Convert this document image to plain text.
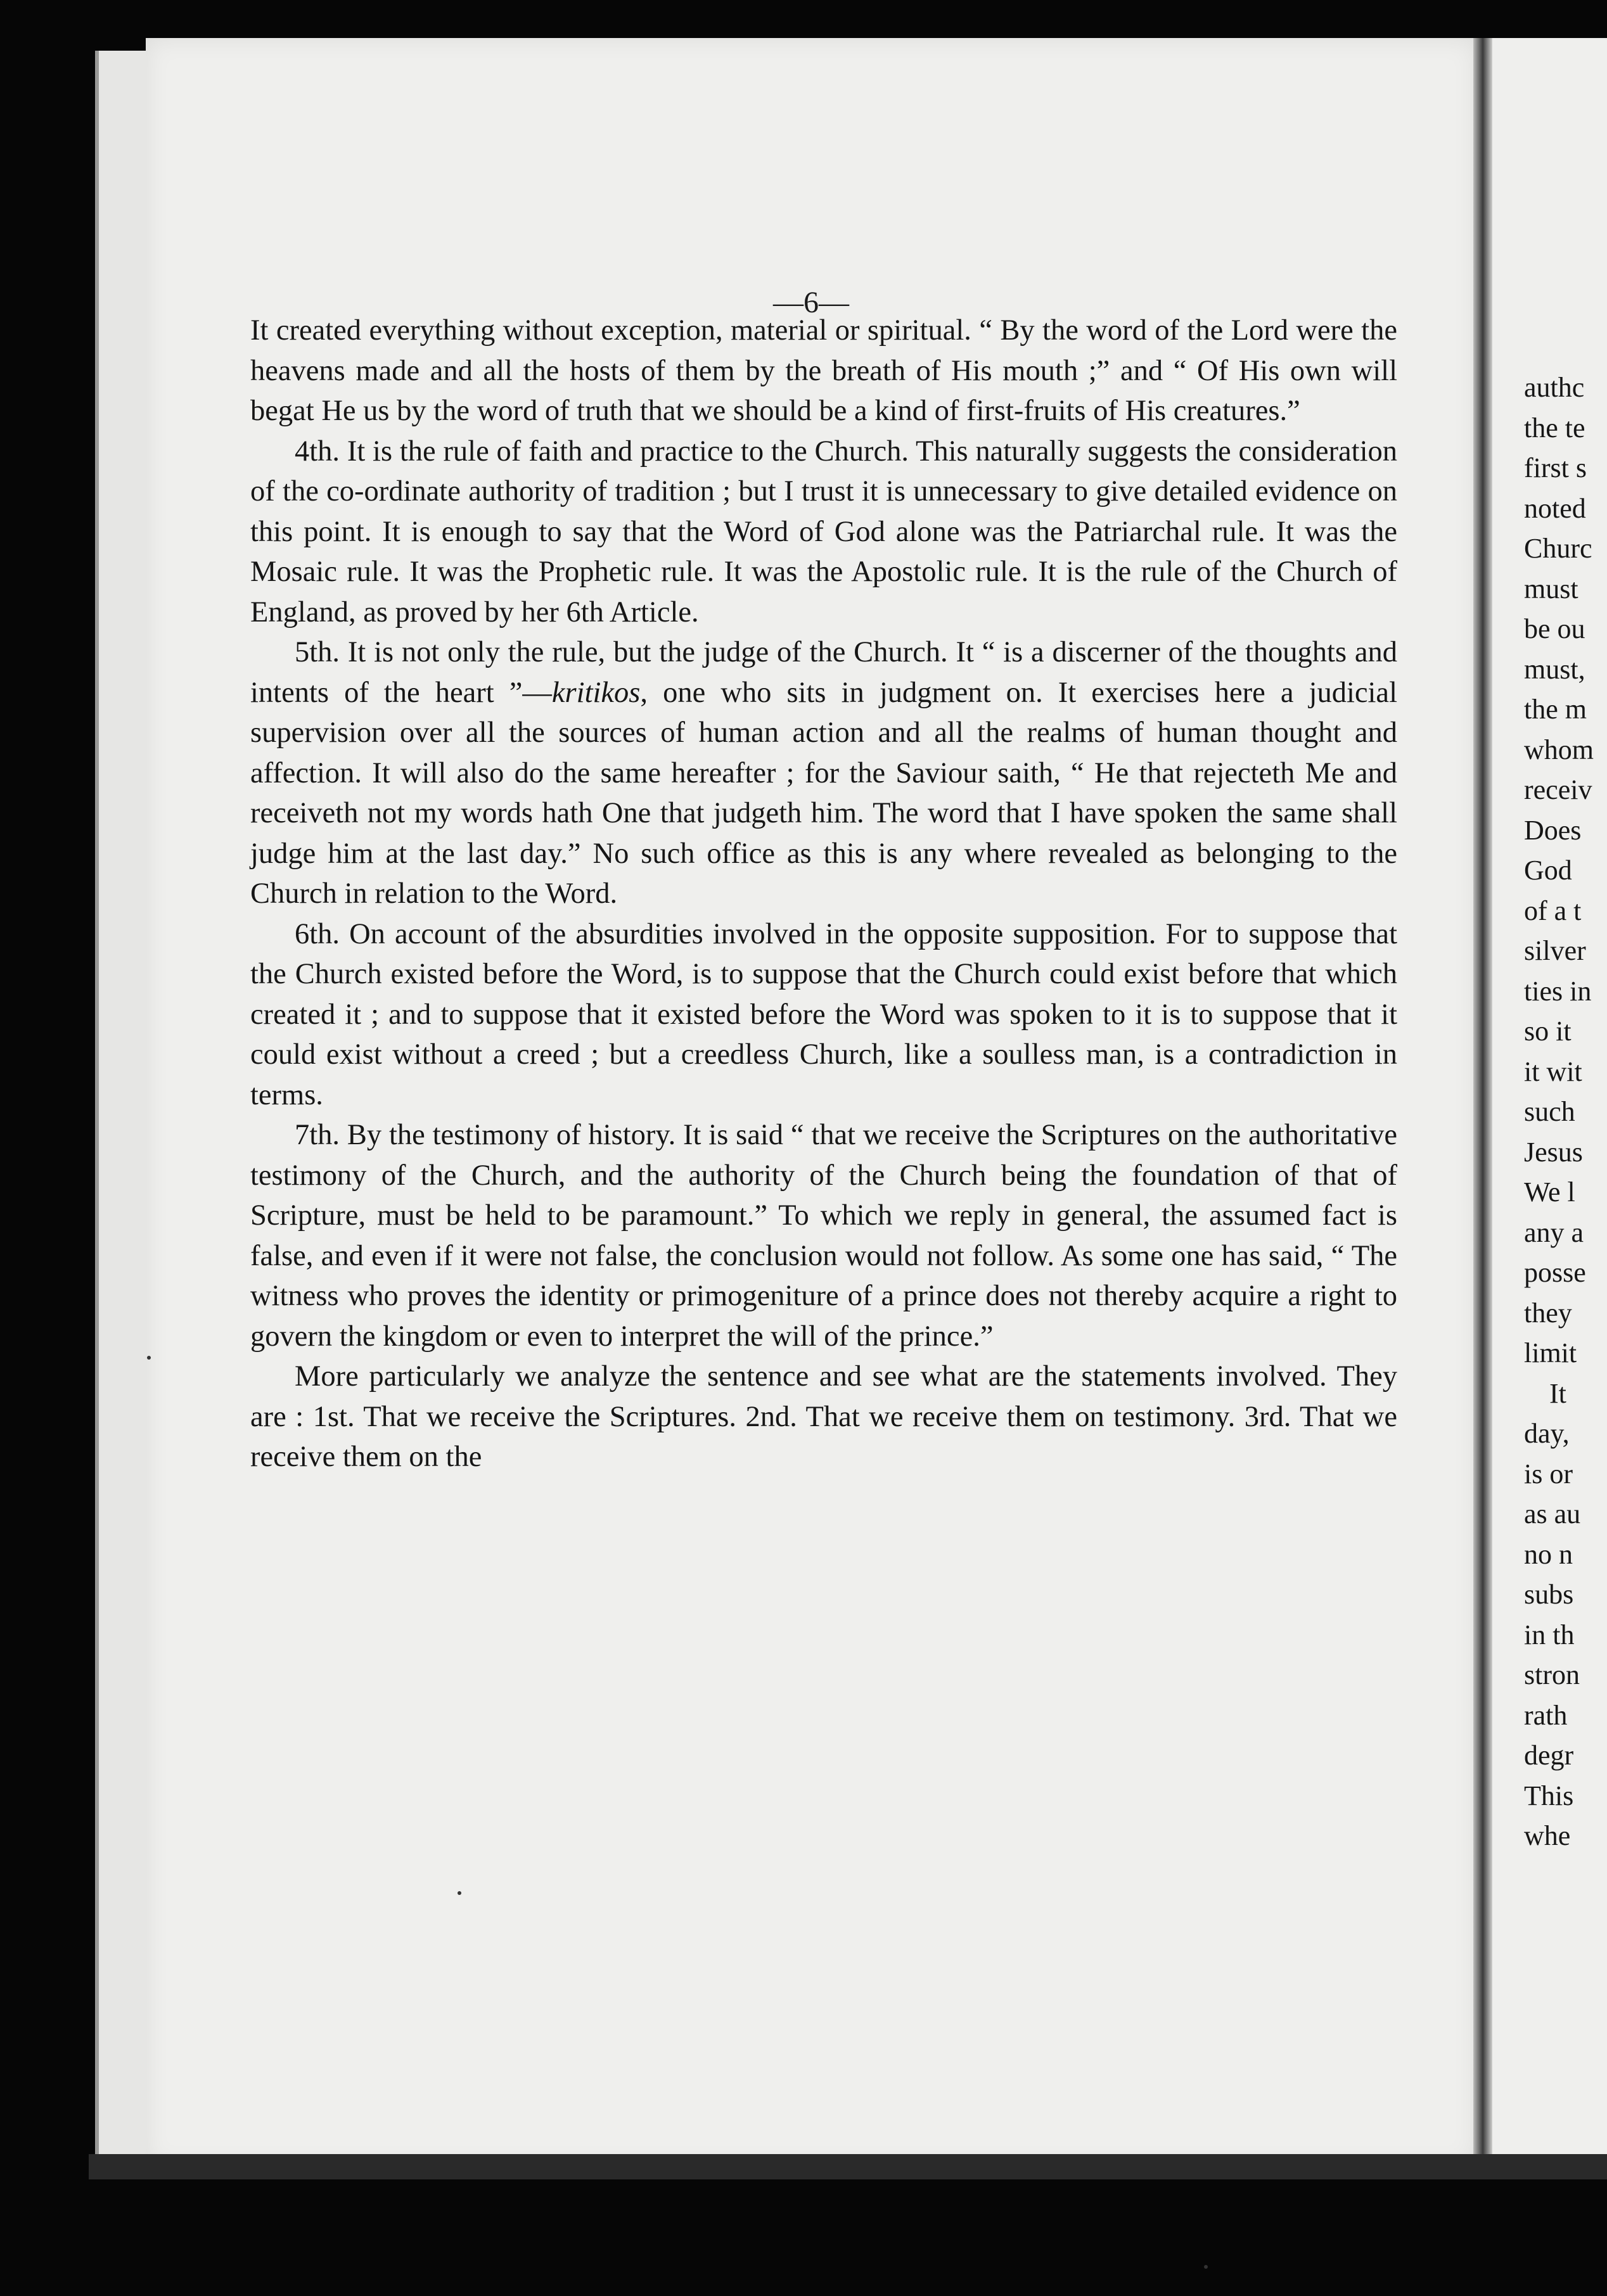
—6—

It created everything without exception, material or spiritual. “ By the word of the Lord were the heavens made and all the hosts of them by the breath of His mouth ;” and “ Of His own will begat He us by the word of truth that we should be a kind of first-fruits of His creatures.”

4th. It is the rule of faith and practice to the Church. This naturally suggests the consideration of the co-ordinate authority of tradition ; but I trust it is unnecessary to give detailed evidence on this point. It is enough to say that the Word of God alone was the Patriarchal rule. It was the Mosaic rule. It was the Prophetic rule. It was the Apostolic rule. It is the rule of the Church of England, as proved by her 6th Article.

5th. It is not only the rule, but the judge of the Church. It “ is a discerner of the thoughts and intents of the heart ”—kritikos, one who sits in judgment on. It exercises here a judicial supervision over all the sources of human action and all the realms of human thought and affection. It will also do the same hereafter ; for the Saviour saith, “ He that rejecteth Me and receiveth not my words hath One that judgeth him. The word that I have spoken the same shall judge him at the last day.” No such office as this is any where revealed as belonging to the Church in relation to the Word.

6th. On account of the absurdities involved in the opposite supposition. For to suppose that the Church existed before the Word, is to suppose that the Church could exist before that which created it ; and to suppose that it existed before the Word was spoken to it is to suppose that it could exist without a creed ; but a creedless Church, like a soulless man, is a contradiction in terms.

7th. By the testimony of history. It is said “ that we receive the Scriptures on the authoritative testimony of the Church, and the authority of the Church being the foundation of that of Scripture, must be held to be paramount.” To which we reply in general, the assumed fact is false, and even if it were not false, the conclusion would not follow. As some one has said, “ The witness who proves the identity or primogeniture of a prince does not thereby acquire a right to govern the kingdom or even to interpret the will of the prince.”

More particularly we analyze the sentence and see what are the statements involved. They are : 1st. That we receive the Scriptures. 2nd. That we receive them on testimony. 3rd. That we receive them on the

authc
the te
first s
noted
Churc
must
be ou
must,
the m
whom
receiv
Does
God
of a t
silver
ties in
so it
it wit
such
Jesus
We l
any a
posse
they
limit
It
day,
is or
as au
no n
subs
in th
stron
rath
degr
This
whe
